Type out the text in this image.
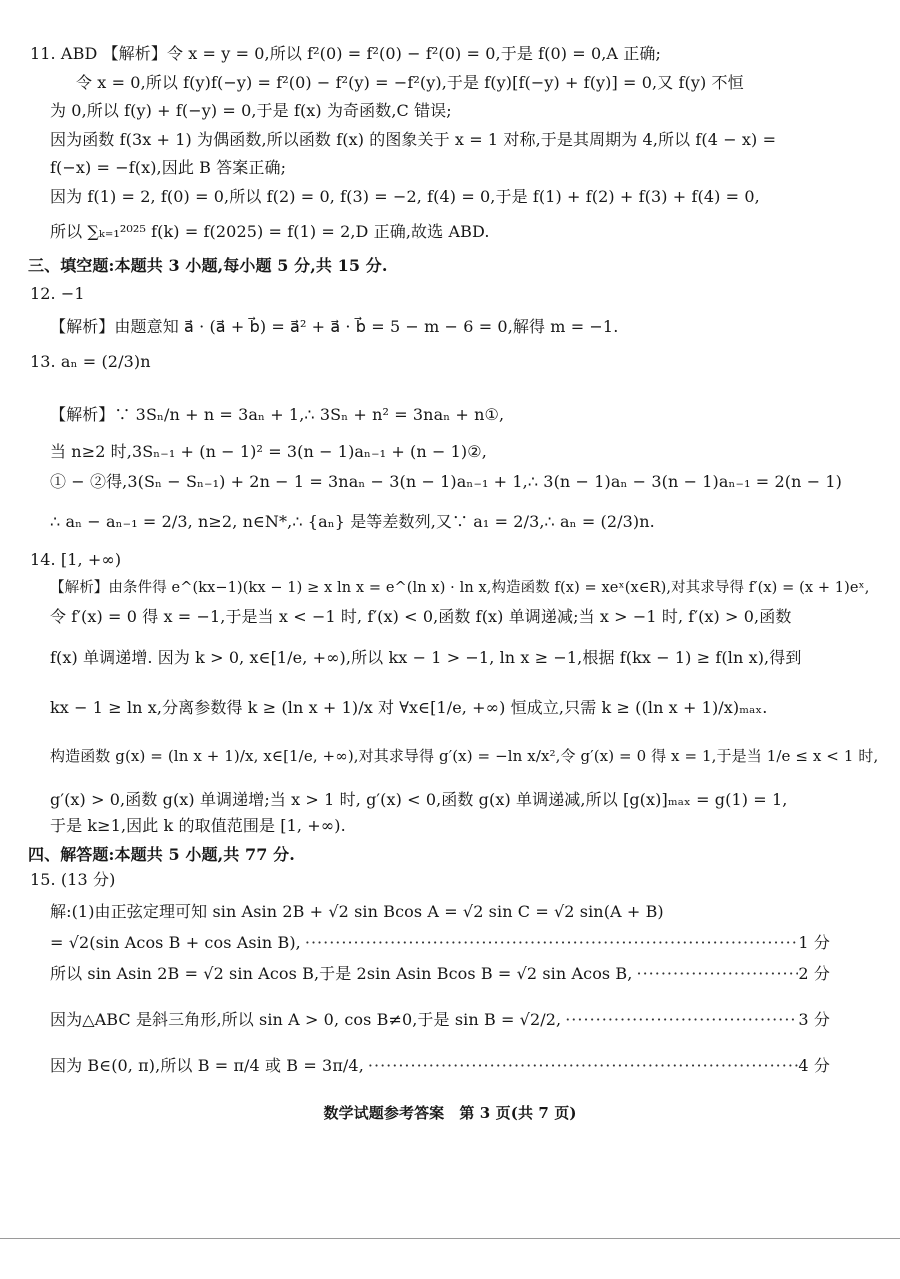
11. ABD 【解析】令 x = y = 0,所以 f²(0) = f²(0) − f²(0) = 0,于是 f(0) = 0,A 正确;
令 x = 0,所以 f(y)f(−y) = f²(0) − f²(y) = −f²(y),于是 f(y)[f(−y) + f(y)] = 0,又 f(y) 不恒
为 0,所以 f(y) + f(−y) = 0,于是 f(x) 为奇函数,C 错误;
因为函数 f(3x + 1) 为偶函数,所以函数 f(x) 的图象关于 x = 1 对称,于是其周期为 4,所以 f(4 − x) =
f(−x) = −f(x),因此 B 答案正确;
因为 f(1) = 2, f(0) = 0,所以 f(2) = 0, f(3) = −2, f(4) = 0,于是 f(1) + f(2) + f(3) + f(4) = 0,
所以 ∑ₖ₌₁²⁰²⁵ f(k) = f(2025) = f(1) = 2,D 正确,故选 ABD.
三、填空题:本题共 3 小题,每小题 5 分,共 15 分.
12. −1
【解析】由题意知 a⃗ · (a⃗ + b⃗) = a⃗² + a⃗ · b⃗ = 5 − m − 6 = 0,解得 m = −1.
13. aₙ = (2/3)n
【解析】∵ 3Sₙ/n + n = 3aₙ + 1,∴ 3Sₙ + n² = 3naₙ + n①,
当 n≥2 时,3Sₙ₋₁ + (n − 1)² = 3(n − 1)aₙ₋₁ + (n − 1)②,
① − ②得,3(Sₙ − Sₙ₋₁) + 2n − 1 = 3naₙ − 3(n − 1)aₙ₋₁ + 1,∴ 3(n − 1)aₙ − 3(n − 1)aₙ₋₁ = 2(n − 1)
∴ aₙ − aₙ₋₁ = 2/3, n≥2, n∈N*,∴ {aₙ} 是等差数列,又∵ a₁ = 2/3,∴ aₙ = (2/3)n.
14. [1, +∞)
【解析】由条件得 e^(kx−1)(kx − 1) ≥ x ln x = e^(ln x) · ln x,构造函数 f(x) = xeˣ(x∈R),对其求导得 f′(x) = (x + 1)eˣ,
令 f′(x) = 0 得 x = −1,于是当 x < −1 时, f′(x) < 0,函数 f(x) 单调递减;当 x > −1 时, f′(x) > 0,函数
f(x) 单调递增. 因为 k > 0, x∈[1/e, +∞),所以 kx − 1 > −1, ln x ≥ −1,根据 f(kx − 1) ≥ f(ln x),得到
kx − 1 ≥ ln x,分离参数得 k ≥ (ln x + 1)/x 对 ∀x∈[1/e, +∞) 恒成立,只需 k ≥ ((ln x + 1)/x)ₘₐₓ.
构造函数 g(x) = (ln x + 1)/x, x∈[1/e, +∞),对其求导得 g′(x) = −ln x/x²,令 g′(x) = 0 得 x = 1,于是当 1/e ≤ x < 1 时,
g′(x) > 0,函数 g(x) 单调递增;当 x > 1 时, g′(x) < 0,函数 g(x) 单调递减,所以 [g(x)]ₘₐₓ = g(1) = 1,
于是 k≥1,因此 k 的取值范围是 [1, +∞).
四、解答题:本题共 5 小题,共 77 分.
15. (13 分)
解:(1)由正弦定理可知 sin Asin 2B + √2 sin Bcos A = √2 sin C = √2 sin(A + B)
= √2(sin Acos B + cos Asin B), ·····	1 分
所以 sin Asin 2B = √2 sin Acos B,于是 2sin Asin Bcos B = √2 sin Acos B, ·····	2 分
因为△ABC 是斜三角形,所以 sin A > 0, cos B≠0,于是 sin B = √2/2, ·····	3 分
因为 B∈(0, π),所以 B = π/4 或 B = 3π/4, ·····	4 分
数学试题参考答案　第 3 页(共 7 页)
